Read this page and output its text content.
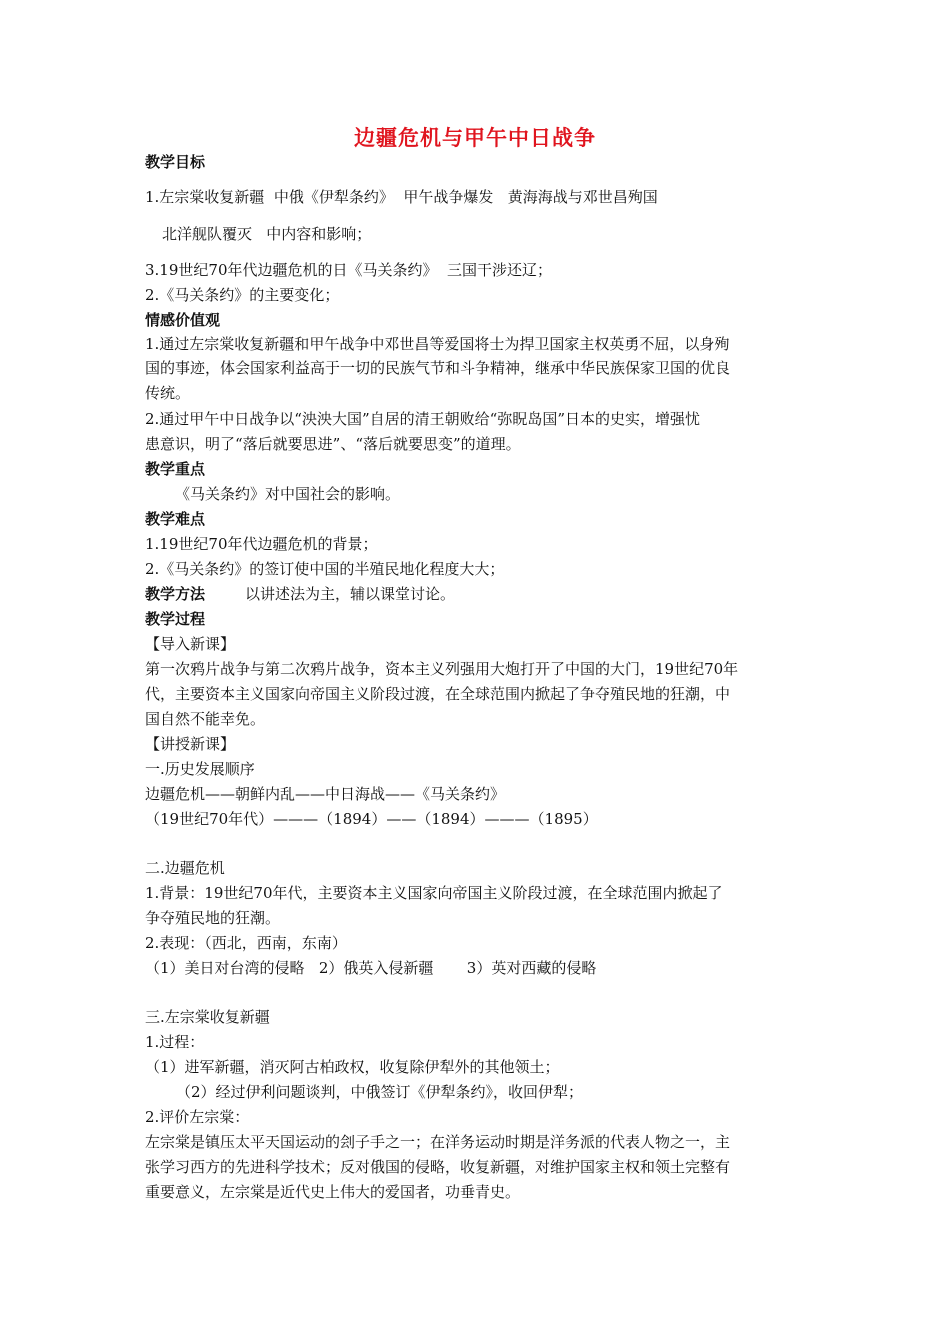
边疆危机与甲午中日战争
教学目标
1.左宗棠收复新疆  中俄《伊犁条约》  甲午战争爆发   黄海海战与邓世昌殉国
北洋舰队覆灭   中内容和影响；
3.19世纪70年代边疆危机的日《马关条约》  三国干涉还辽；
2.《马关条约》的主要变化；
情感价值观
1.通过左宗棠收复新疆和甲午战争中邓世昌等爱国将士为捍卫国家主权英勇不屈，以身殉
国的事迹，体会国家利益高于一切的民族气节和斗争精神，继承中华民族保家卫国的优良
传统。
2.通过甲午中日战争以“泱泱大国”自居的清王朝败给“弥眖岛国”日本的史实，增强忧
患意识，明了“落后就要思进”、“落后就要思变”的道理。
教学重点
《马关条约》对中国社会的影响。
教学难点
1.19世纪70年代边疆危机的背景；
2.《马关条约》的签订使中国的半殖民地化程度大大；
教学方法	以讲述法为主，辅以课堂讨论。
教学过程
【导入新课】
第一次鸦片战争与第二次鸦片战争，资本主义列强用大炮打开了中国的大门，19世纪70年
代，主要资本主义国家向帝国主义阶段过渡，在全球范围内掀起了争夺殖民地的狂潮，中
国自然不能幸免。
【讲授新课】
一.历史发展顺序
边疆危机——朝鲜内乱——中日海战——《马关条约》
（19世纪70年代）———（1894）——（1894）———（1895）
二.边疆危机
1.背景：19世纪70年代，主要资本主义国家向帝国主义阶段过渡，在全球范围内掀起了
争夺殖民地的狂潮。
2.表现：（西北，西南，东南）
（1）美日对台湾的侵略   2）俄英入侵新疆       3）英对西藏的侵略
三.左宗棠收复新疆
1.过程：
（1）进军新疆，消灭阿古柏政权，收复除伊犁外的其他领土；
（2）经过伊利问题谈判，中俄签订《伊犁条约》，收回伊犁；
2.评价左宗棠：
左宗棠是镇压太平天国运动的刽子手之一；在洋务运动时期是洋务派的代表人物之一，主
张学习西方的先进科学技术；反对俄国的侵略，收复新疆，对维护国家主权和领土完整有
重要意义，左宗棠是近代史上伟大的爱国者，功垂青史。
